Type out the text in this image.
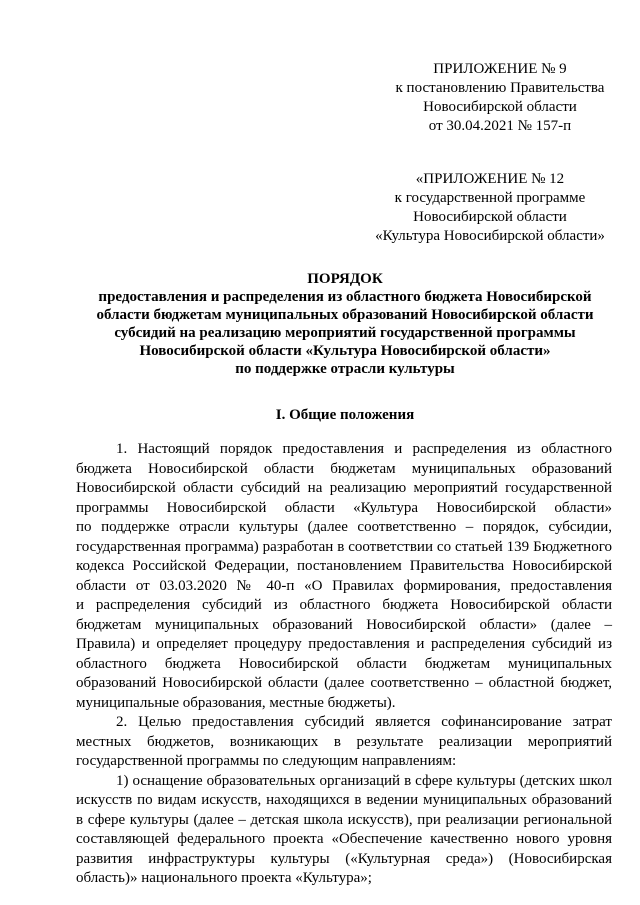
ПРИЛОЖЕНИЕ № 9
к постановлению Правительства
Новосибирской области
от 30.04.2021 № 157-п
«ПРИЛОЖЕНИЕ № 12
к государственной программе
Новосибирской области
«Культура Новосибирской области»
ПОРЯДОК
предоставления и распределения из областного бюджета Новосибирской
области бюджетам муниципальных образований Новосибирской области
субсидий на реализацию мероприятий государственной программы
Новосибирской области «Культура Новосибирской области»
по поддержке отрасли культуры
I. Общие положения
1. Настоящий порядок предоставления и распределения из областного
бюджета Новосибирской области бюджетам муниципальных образований
Новосибирской области субсидий на реализацию мероприятий государственной
программы Новосибирской области «Культура Новосибирской области»
по поддержке отрасли культуры (далее соответственно – порядок, субсидии,
государственная программа) разработан в соответствии со статьей 139 Бюджетного
кодекса Российской Федерации, постановлением Правительства Новосибирской
области от 03.03.2020 № 40-п «О Правилах формирования, предоставления
и распределения субсидий из областного бюджета Новосибирской области
бюджетам муниципальных образований Новосибирской области» (далее –
Правила) и определяет процедуру предоставления и распределения субсидий из
областного бюджета Новосибирской области бюджетам муниципальных
образований Новосибирской области (далее соответственно – областной бюджет,
муниципальные образования, местные бюджеты).
2. Целью предоставления субсидий является софинансирование затрат
местных бюджетов, возникающих в результате реализации мероприятий
государственной программы по следующим направлениям:
1) оснащение образовательных организаций в сфере культуры (детских школ
искусств по видам искусств, находящихся в ведении муниципальных образований
в сфере культуры (далее – детская школа искусств), при реализации региональной
составляющей федерального проекта «Обеспечение качественно нового уровня
развития инфраструктуры культуры («Культурная среда») (Новосибирская
область)» национального проекта «Культура»;
